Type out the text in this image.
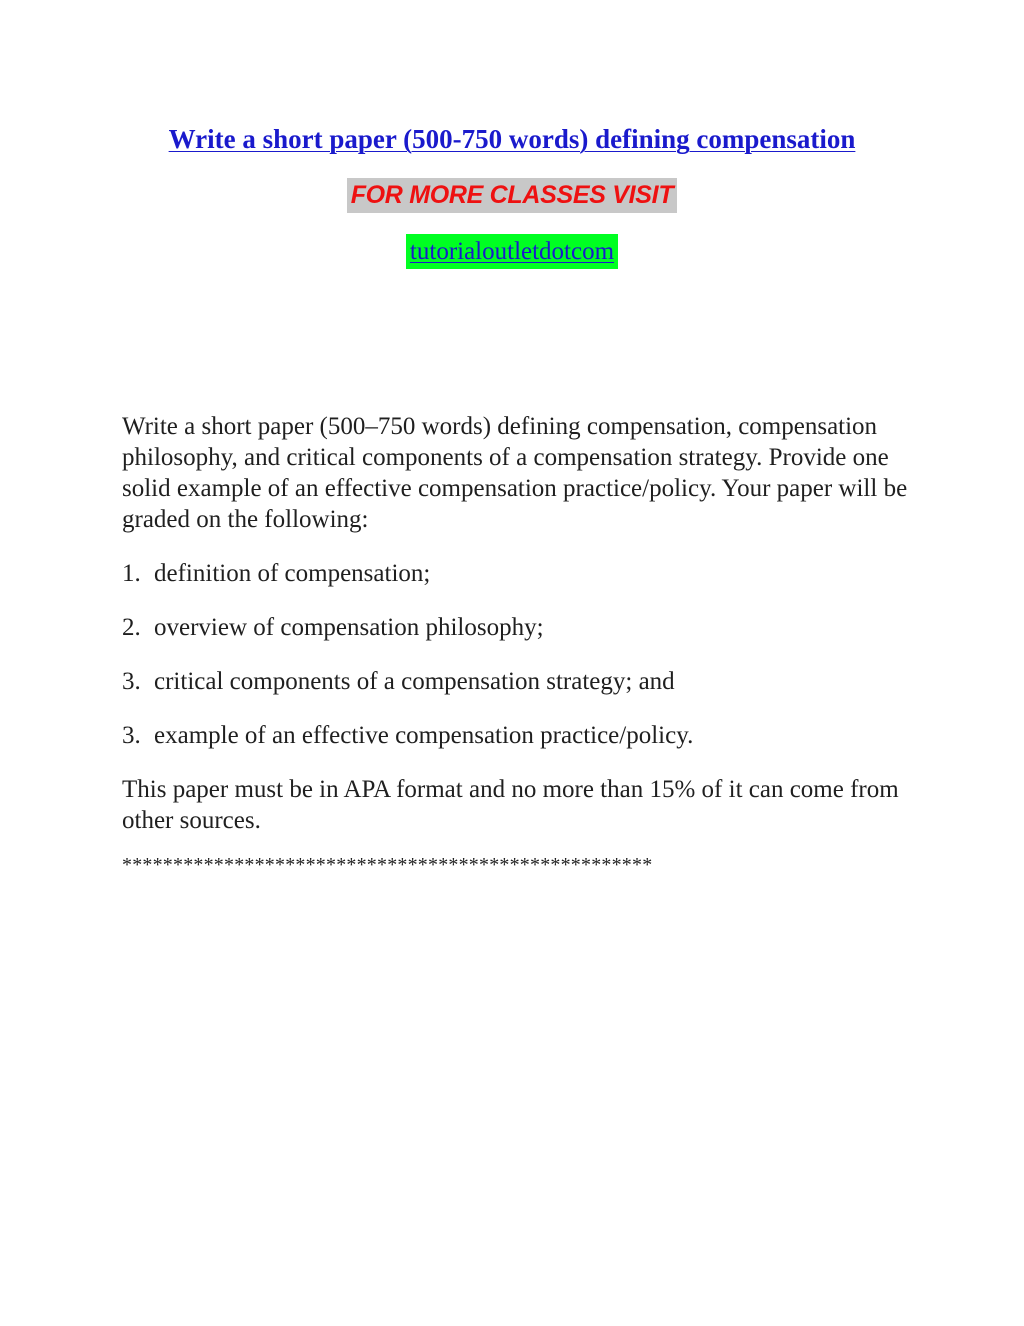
Write a short paper (500-750 words) defining compensation
FOR MORE CLASSES VISIT
tutorialoutletdotcom

Write a short paper (500–750 words) defining compensation, compensation philosophy, and critical components of a compensation strategy. Provide one solid example of an effective compensation practice/policy. Your paper will be graded on the following:

1. definition of compensation;
2. overview of compensation philosophy;
3. critical components of a compensation strategy; and
3. example of an effective compensation practice/policy.

This paper must be in APA format and no more than 15% of it can come from other sources.

****************************************************
